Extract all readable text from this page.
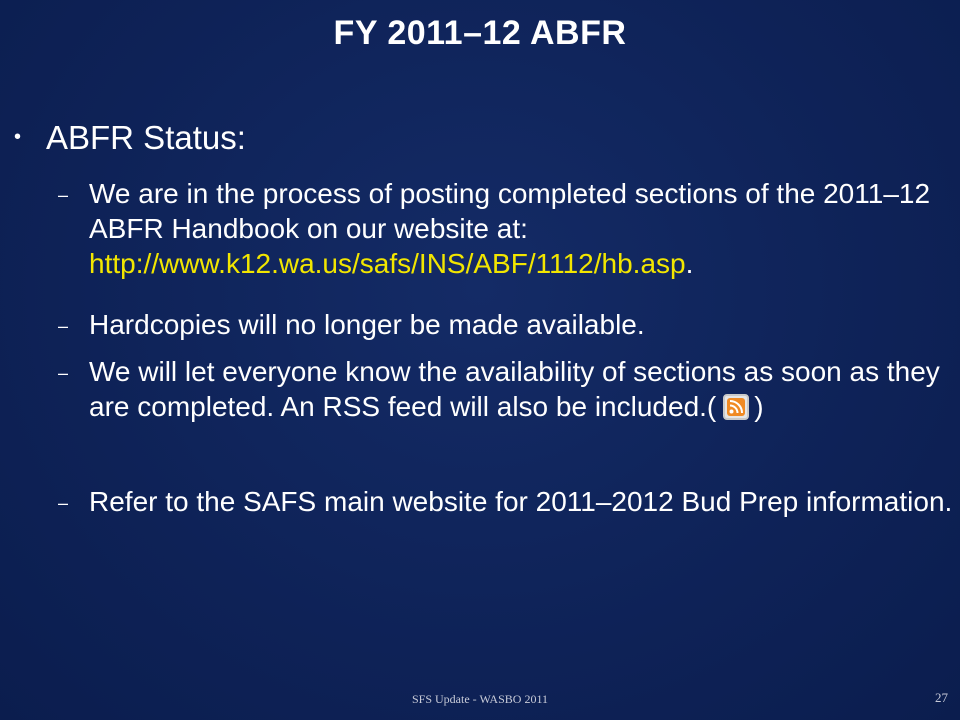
FY 2011–12 ABFR
• ABFR Status:
– We are in the process of posting completed sections of the 2011–12 ABFR Handbook on our website at: http://www.k12.wa.us/safs/INS/ABF/1112/hb.asp.
– Hardcopies will no longer be made available.
– We will let everyone know the availability of sections as soon as they are completed. An RSS feed will also be included.( )
– Refer to the SAFS main website for 2011–2012 Bud Prep information.
SFS Update - WASBO 2011	27
